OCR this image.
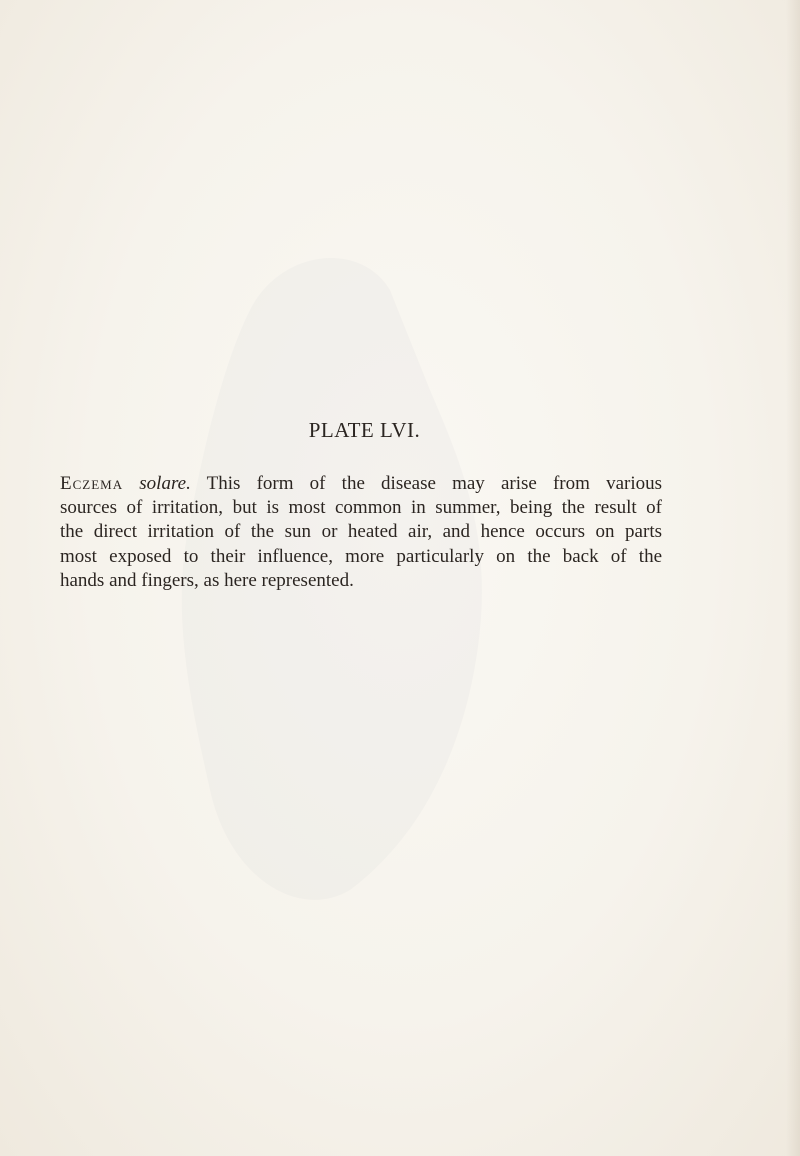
PLATE LVI.
Eczema solare. This form of the disease may arise from various
sources of irritation, but is most common in summer, being the result of
the direct irritation of the sun or heated air, and hence occurs on parts
most exposed to their influence, more particularly on the back of the
hands and fingers, as here represented.
